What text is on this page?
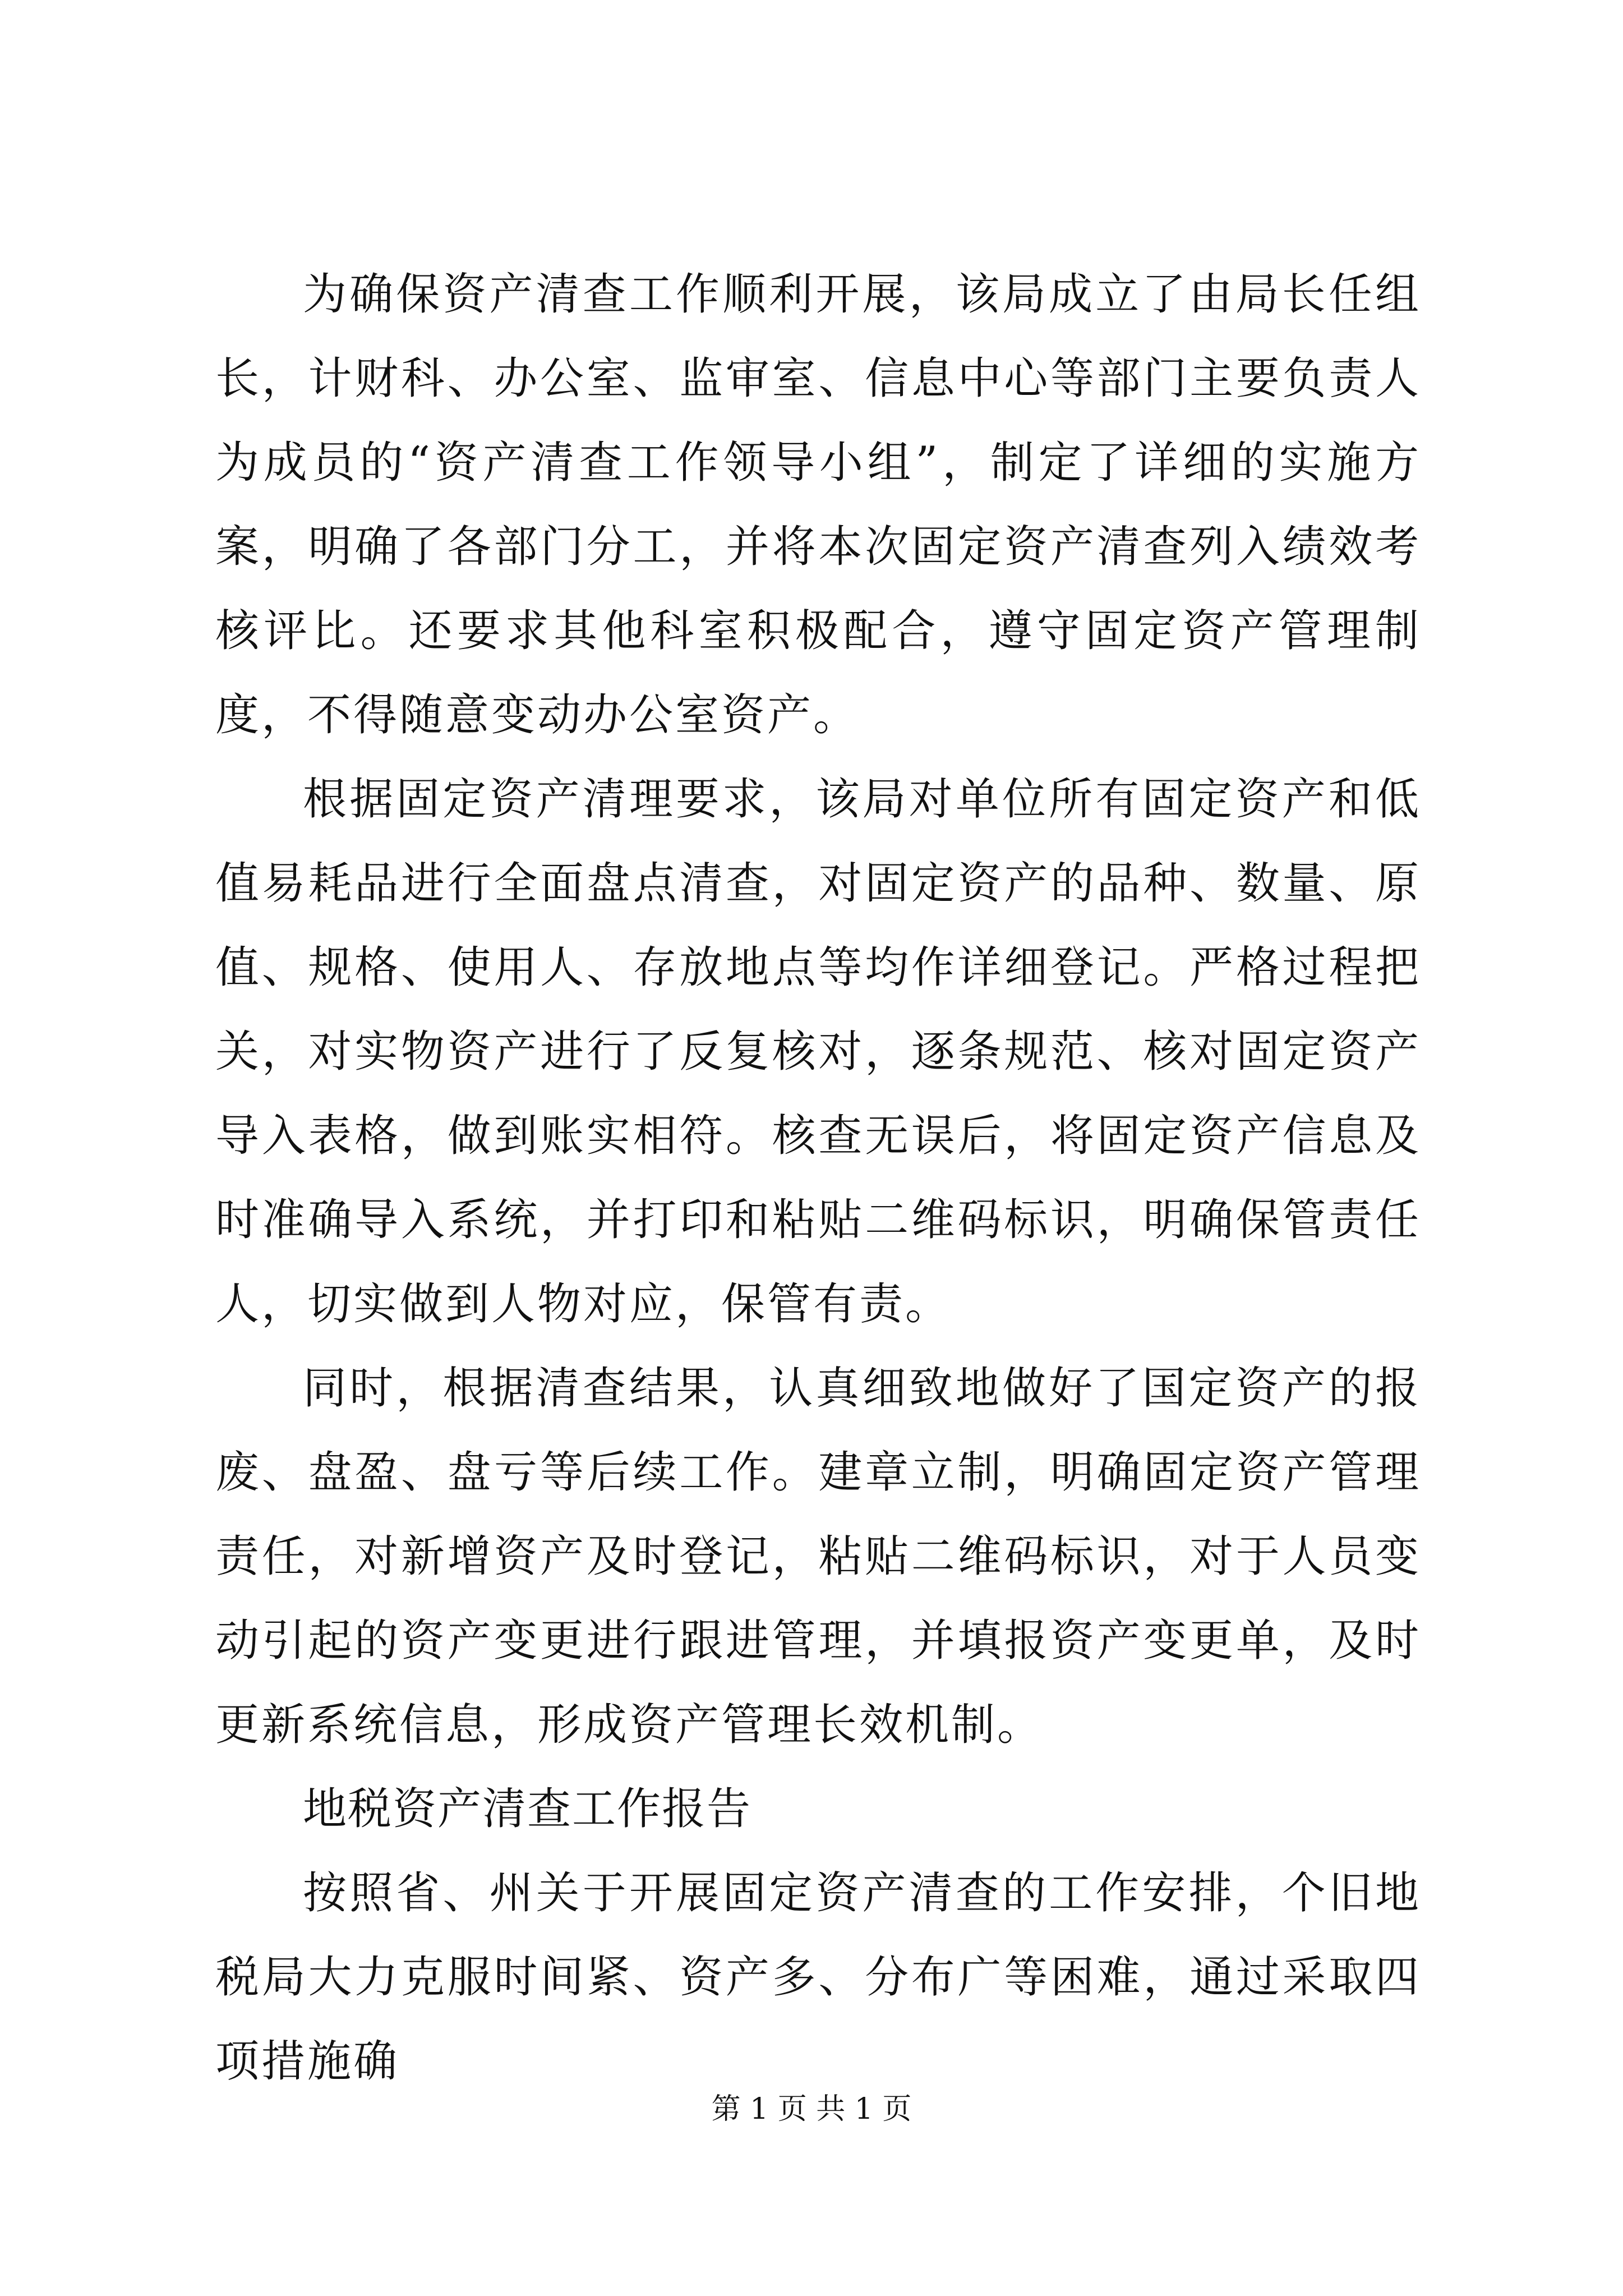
为确保资产清查工作顺利开展，该局成立了由局长任组长，计财科、办公室、监审室、信息中心等部门主要负责人为成员的“资产清查工作领导小组”，制定了详细的实施方案，明确了各部门分工，并将本次固定资产清查列入绩效考核评比。还要求其他科室积极配合，遵守固定资产管理制度，不得随意变动办公室资产。

根据固定资产清理要求，该局对单位所有固定资产和低值易耗品进行全面盘点清查，对固定资产的品种、数量、原值、规格、使用人、存放地点等均作详细登记。严格过程把关，对实物资产进行了反复核对，逐条规范、核对固定资产导入表格，做到账实相符。核查无误后，将固定资产信息及时准确导入系统，并打印和粘贴二维码标识，明确保管责任人，切实做到人物对应，保管有责。

同时，根据清查结果，认真细致地做好了国定资产的报废、盘盈、盘亏等后续工作。建章立制，明确固定资产管理责任，对新增资产及时登记，粘贴二维码标识，对于人员变动引起的资产变更进行跟进管理，并填报资产变更单，及时更新系统信息，形成资产管理长效机制。

地税资产清查工作报告

按照省、州关于开展固定资产清查的工作安排，个旧地税局大力克服时间紧、资产多、分布广等困难，通过采取四项措施确

第 1 页 共 1 页
